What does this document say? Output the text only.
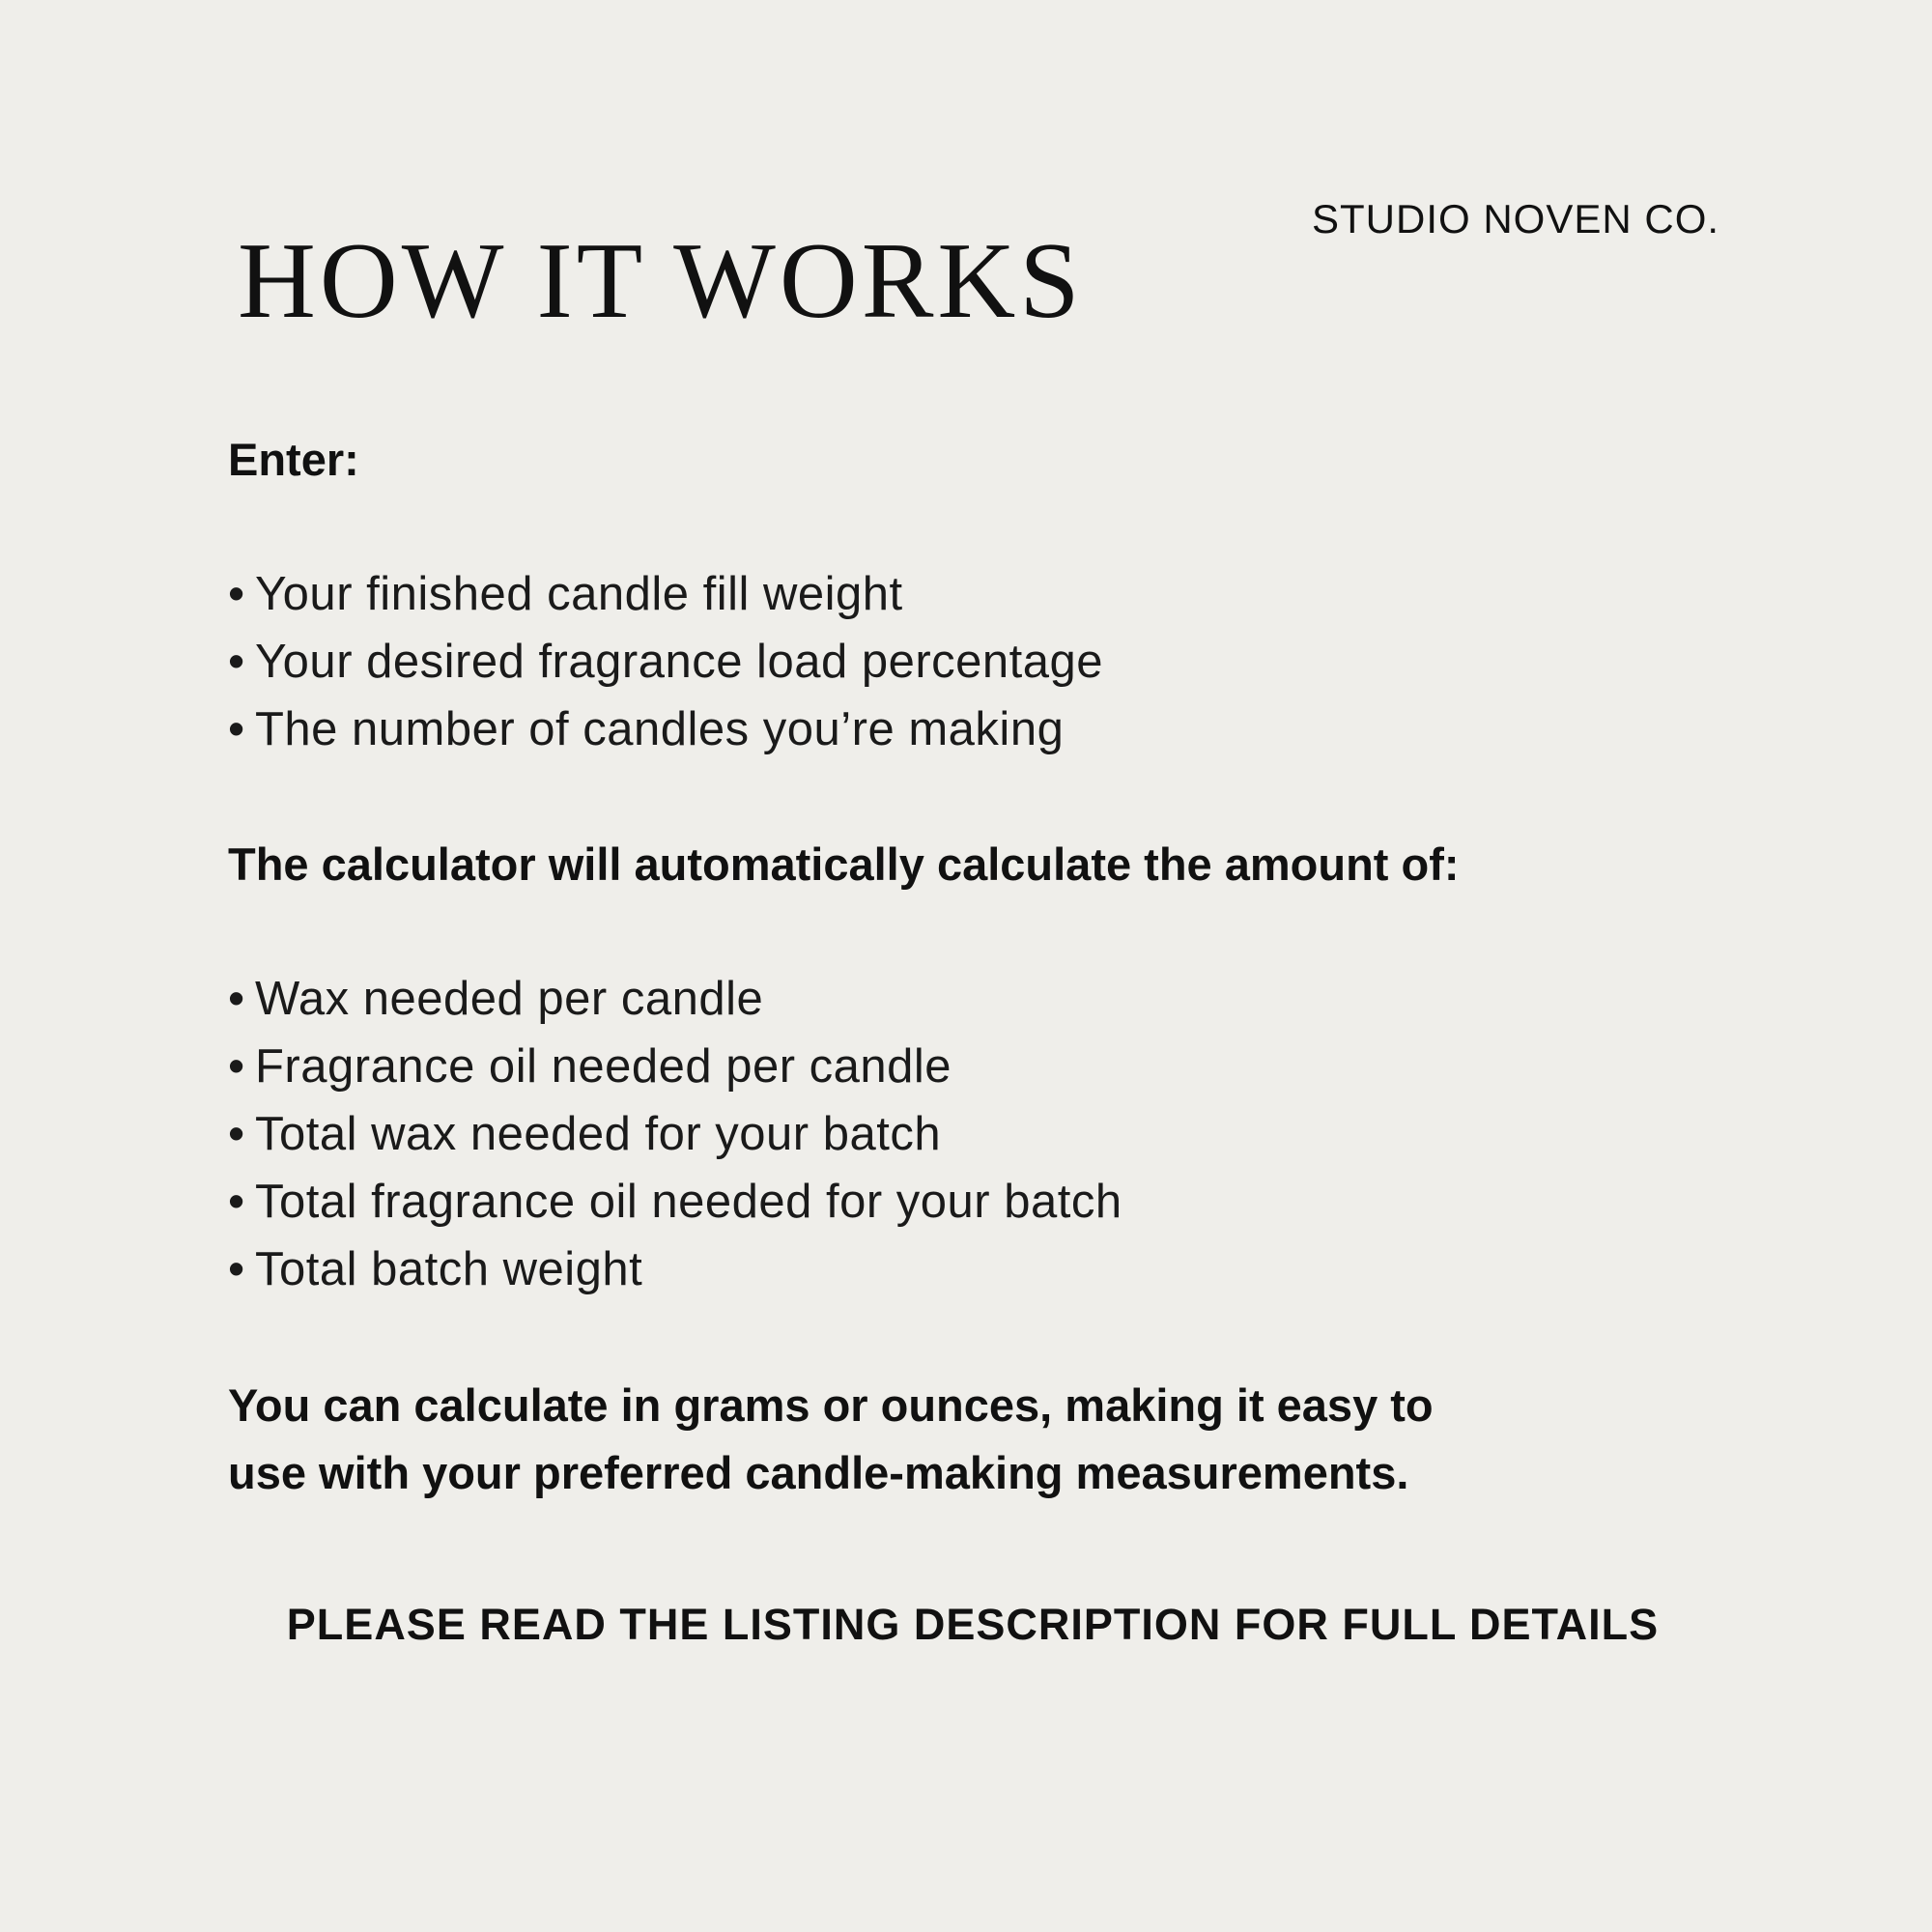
STUDIO NOVEN CO.
HOW IT WORKS
Enter:
• Your finished candle fill weight
• Your desired fragrance load percentage
• The number of candles you’re making
The calculator will automatically calculate the amount of:
• Wax needed per candle
• Fragrance oil needed per candle
• Total wax needed for your batch
• Total fragrance oil needed for your batch
• Total batch weight

You can calculate in grams or ounces, making it easy to
use with your preferred candle-making measurements.

PLEASE READ THE LISTING DESCRIPTION FOR FULL DETAILS
